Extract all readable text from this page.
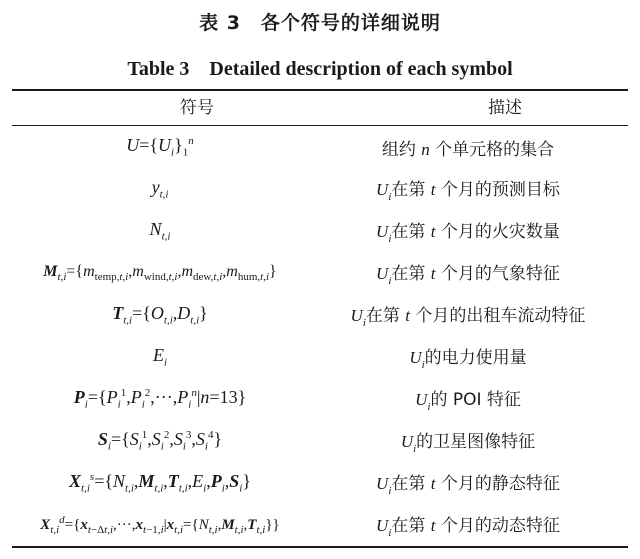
表 3　各个符号的详细说明
Table 3　Detailed description of each symbol
符号	描述
$U=\{U_i\}_1^n$	组约 n 个单元格的集合
$y_{t,i}$	$U_i$在第 t 个月的预测目标
$N_{t,i}$	$U_i$在第 t 个月的火灾数量
$M_{t,i}=\{m_{temp,t,i},m_{wind,t,i},m_{dew,t,i},m_{hum,t,i}\}$	$U_i$在第 t 个月的气象特征
$T_{t,i}=\{O_{t,i},D_{t,i}\}$	$U_i$在第 t 个月的出租车流动特征
$E_i$	$U_i$的电力使用量
$P_i=\{P_i^1,P_i^2,\cdot\cdot\cdot,P_i^n|n=13\}$	$U_i$的 POI 特征
$S_i=\{S_i^1,S_i^2,S_i^3,S_i^4\}$	$U_i$的卫星图像特征
$X_{t,i}^s=\{N_{t,i},M_{t,i},T_{t,i},E_i,P_i,S_i\}$	$U_i$在第 t 个月的静态特征
$X_{t,i}^d=\{x_{t-\Delta t,i},\cdot\cdot\cdot,x_{t-1,i}|x_{t,i}=\{N_{t,i},M_{t,i},T_{t,i}\}\}$	$U_i$在第 t 个月的动态特征
